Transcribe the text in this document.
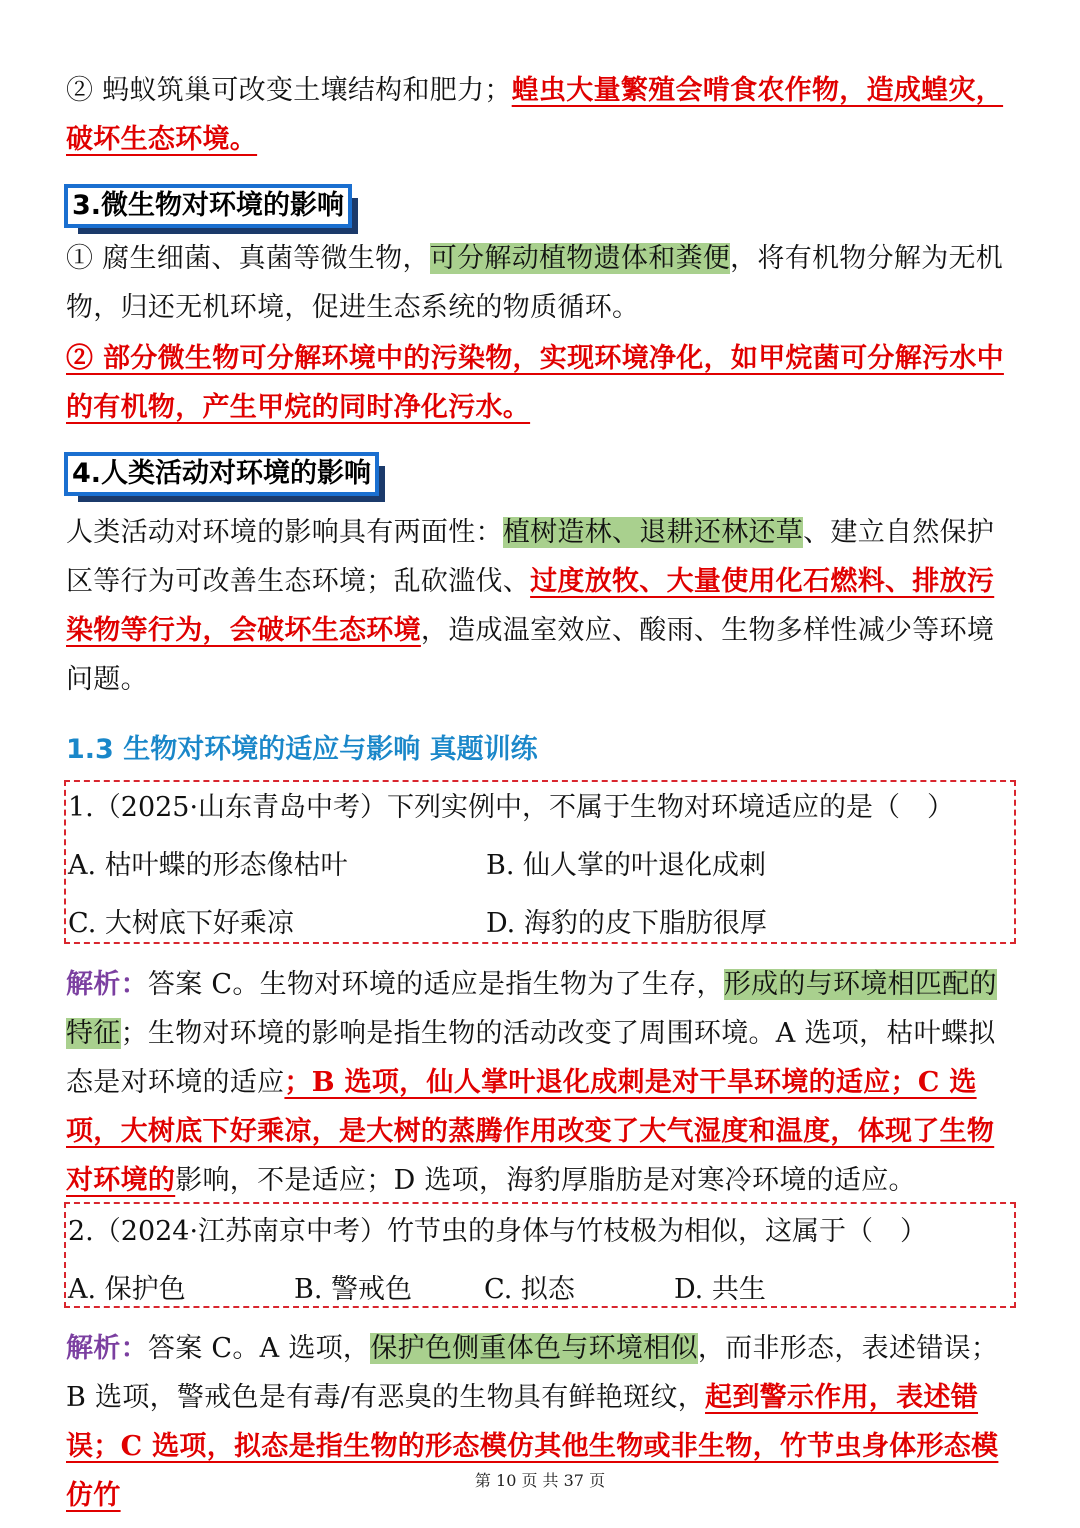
② 蚂蚁筑巢可改变土壤结构和肥力；蝗虫大量繁殖会啃食农作物，造成蝗灾，破坏生态环境。
3.微生物对环境的影响
① 腐生细菌、真菌等微生物，可分解动植物遗体和粪便，将有机物分解为无机物，归还无机环境，促进生态系统的物质循环。
② 部分微生物可分解环境中的污染物，实现环境净化，如甲烷菌可分解污水中的有机物，产生甲烷的同时净化污水。
4.人类活动对环境的影响
人类活动对环境的影响具有两面性：植树造林、退耕还林还草、建立自然保护区等行为可改善生态环境；乱砍滥伐、过度放牧、大量使用化石燃料、排放污染物等行为，会破坏生态环境，造成温室效应、酸雨、生物多样性减少等环境问题。
1.3 生物对环境的适应与影响 真题训练
1.（2025·山东青岛中考）下列实例中，不属于生物对环境适应的是（　）
A. 枯叶蝶的形态像枯叶	B. 仙人掌的叶退化成刺
C. 大树底下好乘凉	D. 海豹的皮下脂肪很厚
解析：答案 C。生物对环境的适应是指生物为了生存，形成的与环境相匹配的特征；生物对环境的影响是指生物的活动改变了周围环境。A 选项，枯叶蝶拟态是对环境的适应；B 选项，仙人掌叶退化成刺是对干旱环境的适应；C 选项，大树底下好乘凉，是大树的蒸腾作用改变了大气湿度和温度，体现了生物对环境的影响，不是适应；D 选项，海豹厚脂肪是对寒冷环境的适应。
2.（2024·江苏南京中考）竹节虫的身体与竹枝极为相似，这属于（　）
A. 保护色	B. 警戒色	C. 拟态	D. 共生
解析：答案 C。A 选项，保护色侧重体色与环境相似，而非形态，表述错误；B 选项，警戒色是有毒/有恶臭的生物具有鲜艳斑纹，起到警示作用，表述错误；C 选项，拟态是指生物的形态模仿其他生物或非生物，竹节虫身体形态模仿竹	第 10 页 共 37 页
